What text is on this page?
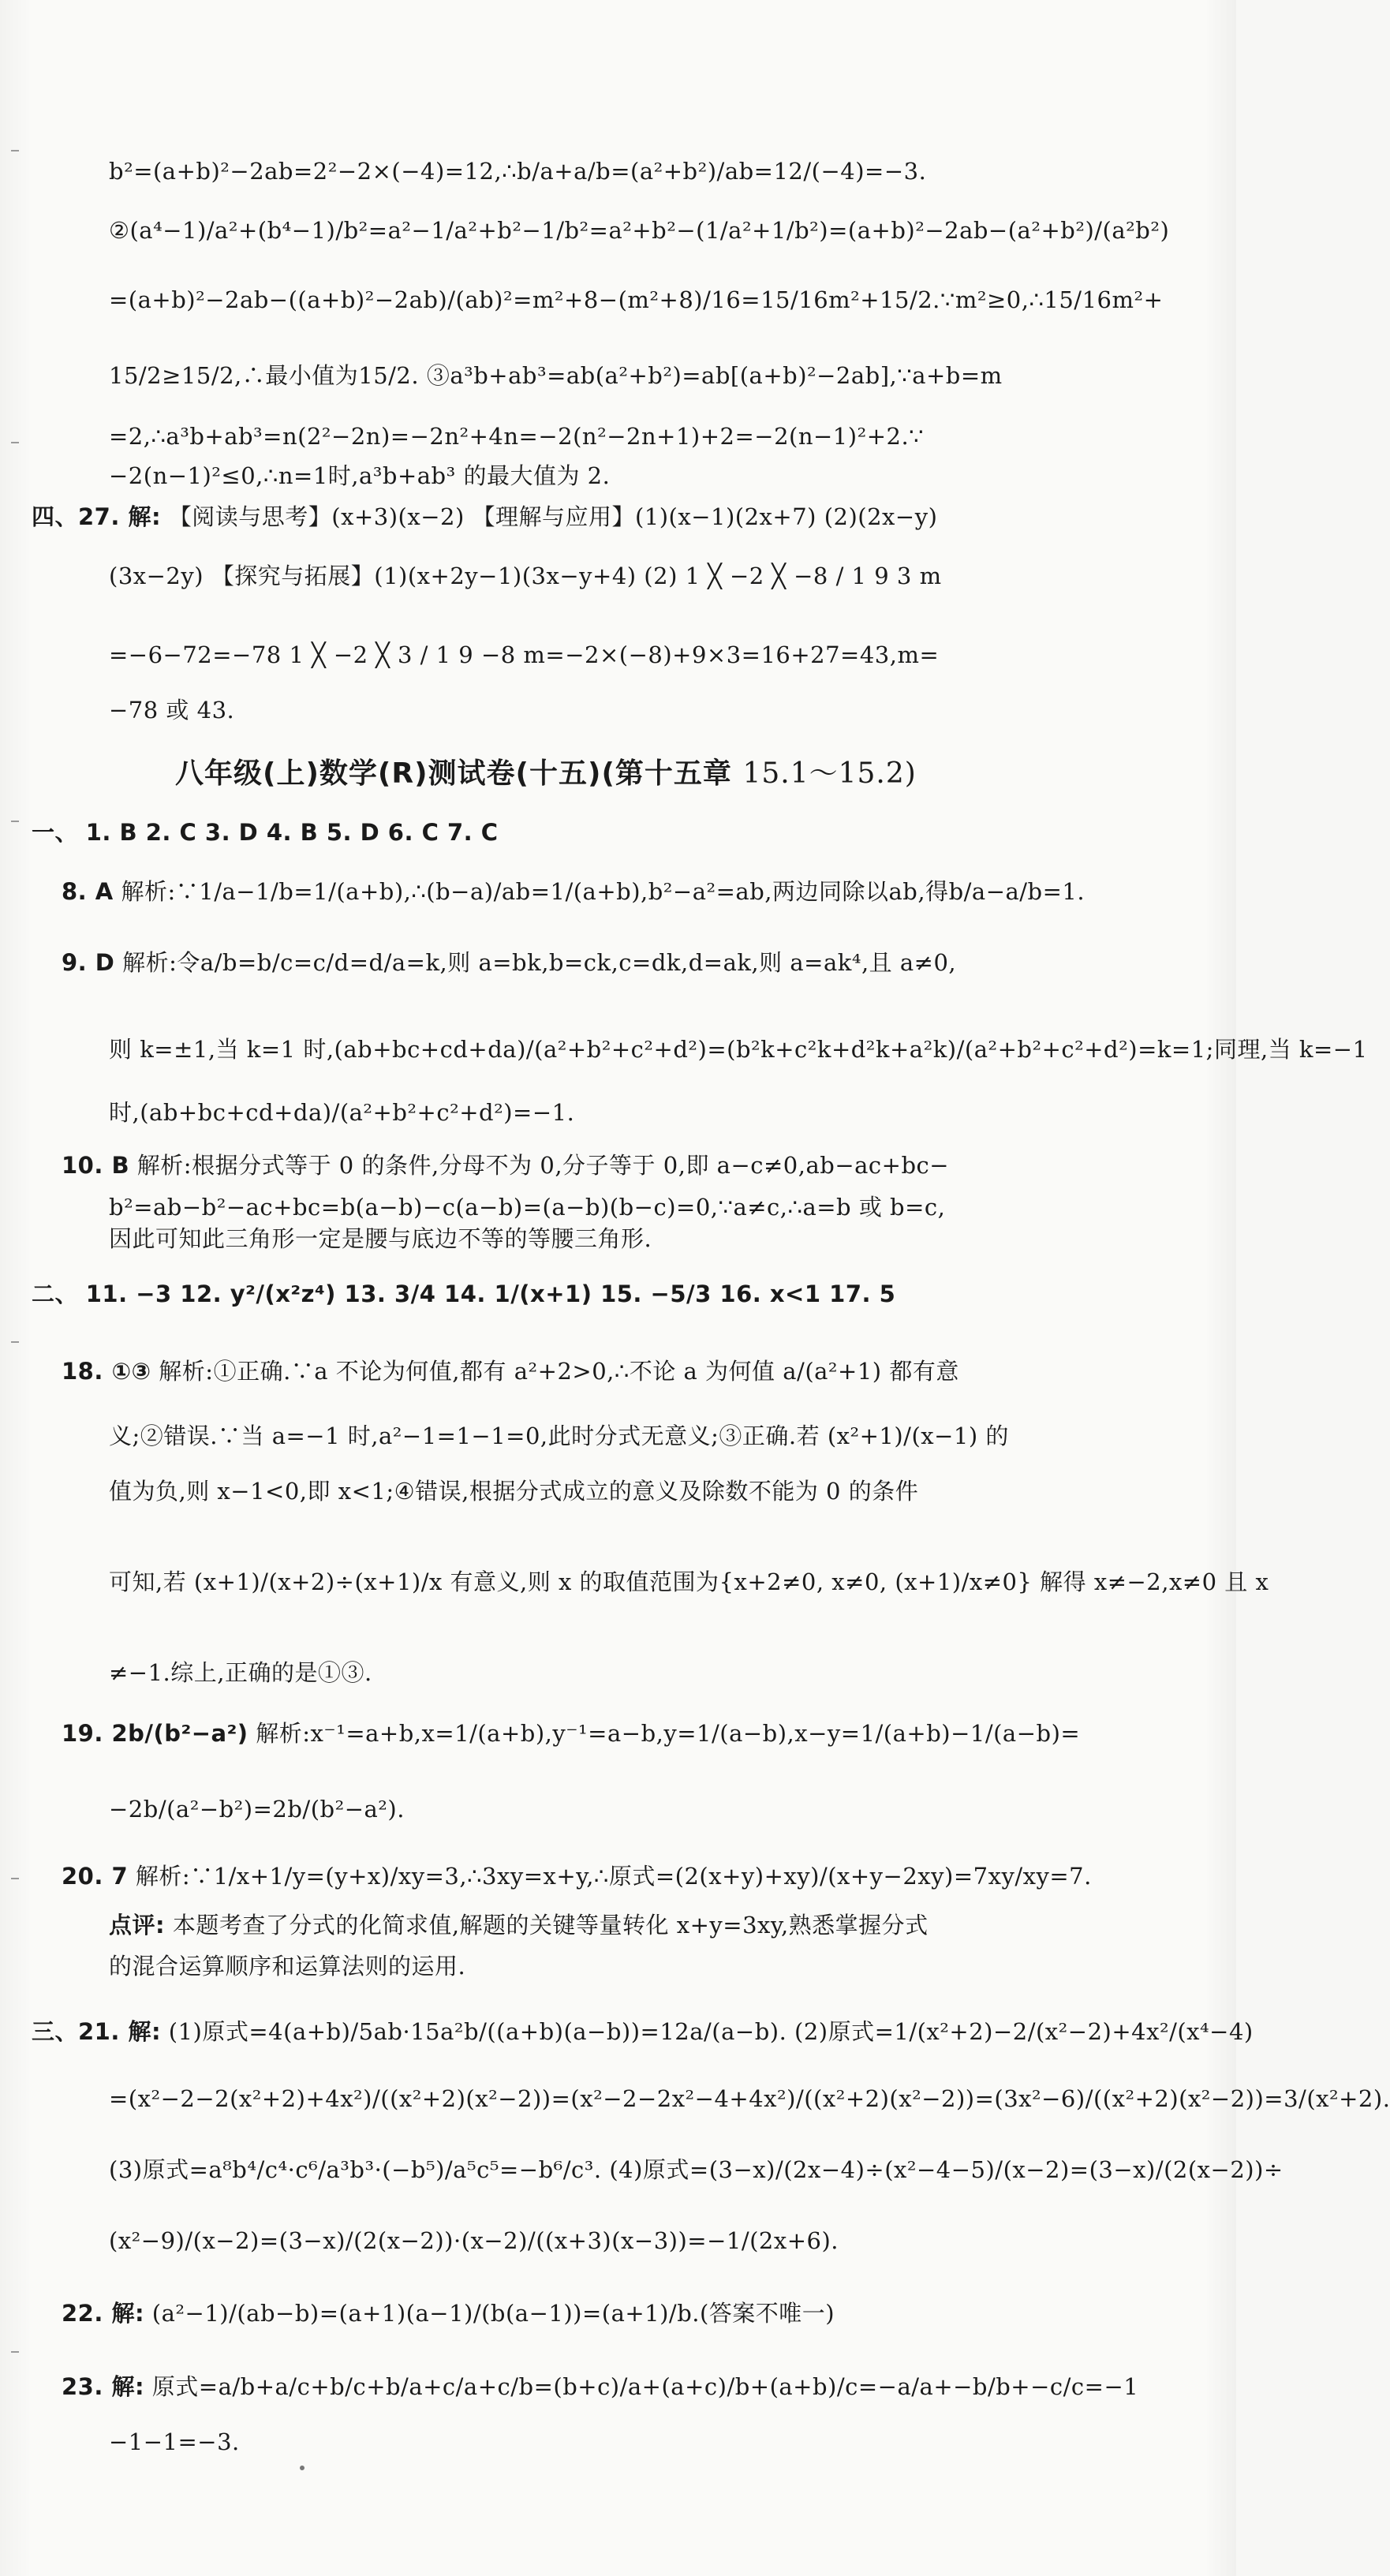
b²=(a+b)²−2ab=2²−2×(−4)=12,∴b/a+a/b=(a²+b²)/ab=12/(−4)=−3.
②(a⁴−1)/a²+(b⁴−1)/b²=a²−1/a²+b²−1/b²=a²+b²−(1/a²+1/b²)=(a+b)²−2ab−(a²+b²)/(a²b²)
=(a+b)²−2ab−((a+b)²−2ab)/(ab)²=m²+8−(m²+8)/16=15/16m²+15/2.∵m²≥0,∴15/16m²+
15/2≥15/2,∴最小值为15/2. ③a³b+ab³=ab(a²+b²)=ab[(a+b)²−2ab],∵a+b=m
=2,∴a³b+ab³=n(2²−2n)=−2n²+4n=−2(n²−2n+1)+2=−2(n−1)²+2.∵
−2(n−1)²≤0,∴n=1时,a³b+ab³ 的最大值为 2.
四、27. 解: 【阅读与思考】(x+3)(x−2) 【理解与应用】(1)(x−1)(2x+7) (2)(2x−y)
(3x−2y) 【探究与拓展】(1)(x+2y−1)(3x−y+4) (2) 1 ╳ −2 ╳ −8 / 1 9 3 m
=−6−72=−78 1 ╳ −2 ╳ 3 / 1 9 −8 m=−2×(−8)+9×3=16+27=43,m=
−78 或 43.
八年级(上)数学(R)测试卷(十五)(第十五章 15.1～15.2)
一、 1. B 2. C 3. D 4. B 5. D 6. C 7. C
8. A 解析:∵1/a−1/b=1/(a+b),∴(b−a)/ab=1/(a+b),b²−a²=ab,两边同除以ab,得b/a−a/b=1.
9. D 解析:令a/b=b/c=c/d=d/a=k,则 a=bk,b=ck,c=dk,d=ak,则 a=ak⁴,且 a≠0,
则 k=±1,当 k=1 时,(ab+bc+cd+da)/(a²+b²+c²+d²)=(b²k+c²k+d²k+a²k)/(a²+b²+c²+d²)=k=1;同理,当 k=−1
时,(ab+bc+cd+da)/(a²+b²+c²+d²)=−1.
10. B 解析:根据分式等于 0 的条件,分母不为 0,分子等于 0,即 a−c≠0,ab−ac+bc−
b²=ab−b²−ac+bc=b(a−b)−c(a−b)=(a−b)(b−c)=0,∵a≠c,∴a=b 或 b=c,
因此可知此三角形一定是腰与底边不等的等腰三角形.
二、 11. −3 12. y²/(x²z⁴) 13. 3/4 14. 1/(x+1) 15. −5/3 16. x<1 17. 5
18. ①③ 解析:①正确.∵a 不论为何值,都有 a²+2>0,∴不论 a 为何值 a/(a²+1) 都有意
义;②错误.∵当 a=−1 时,a²−1=1−1=0,此时分式无意义;③正确.若 (x²+1)/(x−1) 的
值为负,则 x−1<0,即 x<1;④错误,根据分式成立的意义及除数不能为 0 的条件
可知,若 (x+1)/(x+2)÷(x+1)/x 有意义,则 x 的取值范围为{x+2≠0, x≠0, (x+1)/x≠0} 解得 x≠−2,x≠0 且 x
≠−1.综上,正确的是①③.
19. 2b/(b²−a²) 解析:x⁻¹=a+b,x=1/(a+b),y⁻¹=a−b,y=1/(a−b),x−y=1/(a+b)−1/(a−b)=
−2b/(a²−b²)=2b/(b²−a²).
20. 7 解析:∵1/x+1/y=(y+x)/xy=3,∴3xy=x+y,∴原式=(2(x+y)+xy)/(x+y−2xy)=7xy/xy=7.
点评: 本题考查了分式的化简求值,解题的关键等量转化 x+y=3xy,熟悉掌握分式
的混合运算顺序和运算法则的运用.
三、21. 解: (1)原式=4(a+b)/5ab·15a²b/((a+b)(a−b))=12a/(a−b). (2)原式=1/(x²+2)−2/(x²−2)+4x²/(x⁴−4)
=(x²−2−2(x²+2)+4x²)/((x²+2)(x²−2))=(x²−2−2x²−4+4x²)/((x²+2)(x²−2))=(3x²−6)/((x²+2)(x²−2))=3/(x²+2).
(3)原式=a⁸b⁴/c⁴·c⁶/a³b³·(−b⁵)/a⁵c⁵=−b⁶/c³. (4)原式=(3−x)/(2x−4)÷(x²−4−5)/(x−2)=(3−x)/(2(x−2))÷
(x²−9)/(x−2)=(3−x)/(2(x−2))·(x−2)/((x+3)(x−3))=−1/(2x+6).
22. 解: (a²−1)/(ab−b)=(a+1)(a−1)/(b(a−1))=(a+1)/b.(答案不唯一)
23. 解: 原式=a/b+a/c+b/c+b/a+c/a+c/b=(b+c)/a+(a+c)/b+(a+b)/c=−a/a+−b/b+−c/c=−1
−1−1=−3.
